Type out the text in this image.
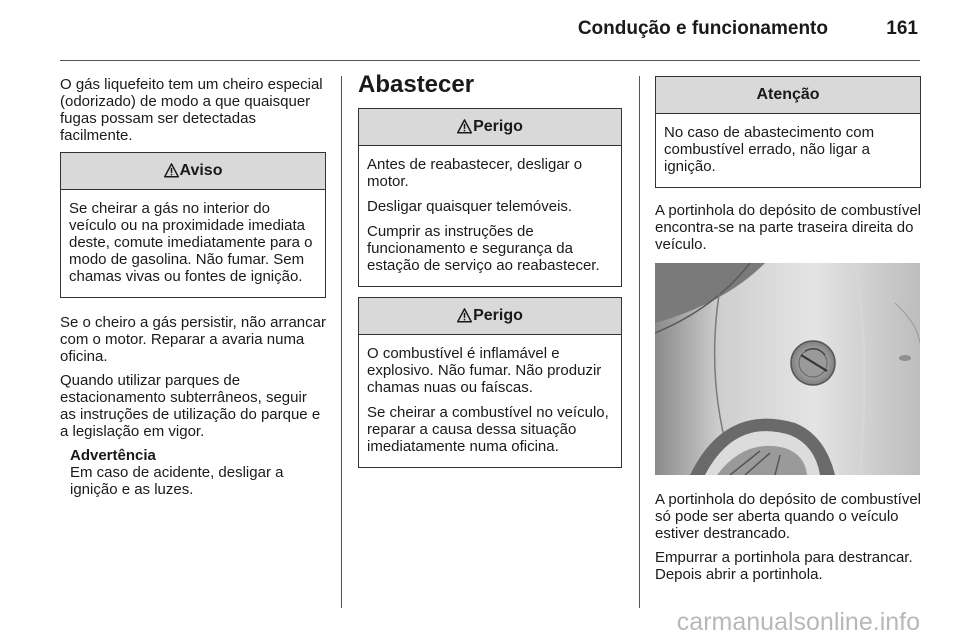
Condução e funcionamento	161

O gás liquefeito tem um cheiro especial (odorizado) de modo a que quaisquer fugas possam ser detectadas facilmente.

Aviso

Se cheirar a gás no interior do veículo ou na proximidade imediata deste, comute imediatamente para o modo de gasolina. Não fumar. Sem chamas vivas ou fontes de ignição.

Se o cheiro a gás persistir, não arrancar com o motor. Reparar a avaria numa oficina.

Quando utilizar parques de estacionamento subterrâneos, seguir as instruções de utilização do parque e a legislação em vigor.

Advertência
Em caso de acidente, desligar a ignição e as luzes.
Abastecer
Perigo

Antes de reabastecer, desligar o motor.

Desligar quaisquer telemóveis.

Cumprir as instruções de funcionamento e segurança da estação de serviço ao reabastecer.

Perigo

O combustível é inflamável e explosivo. Não fumar. Não produzir chamas nuas ou faíscas.

Se cheirar a combustível no veículo, reparar a causa dessa situação imediatamente numa oficina.

Atenção

No caso de abastecimento com combustível errado, não ligar a ignição.

A portinhola do depósito de combustível encontra-se na parte traseira direita do veículo.

A portinhola do depósito de combustível só pode ser aberta quando o veículo estiver destrancado.

Empurrar a portinhola para destrancar. Depois abrir a portinhola.

carmanualsonline.info
